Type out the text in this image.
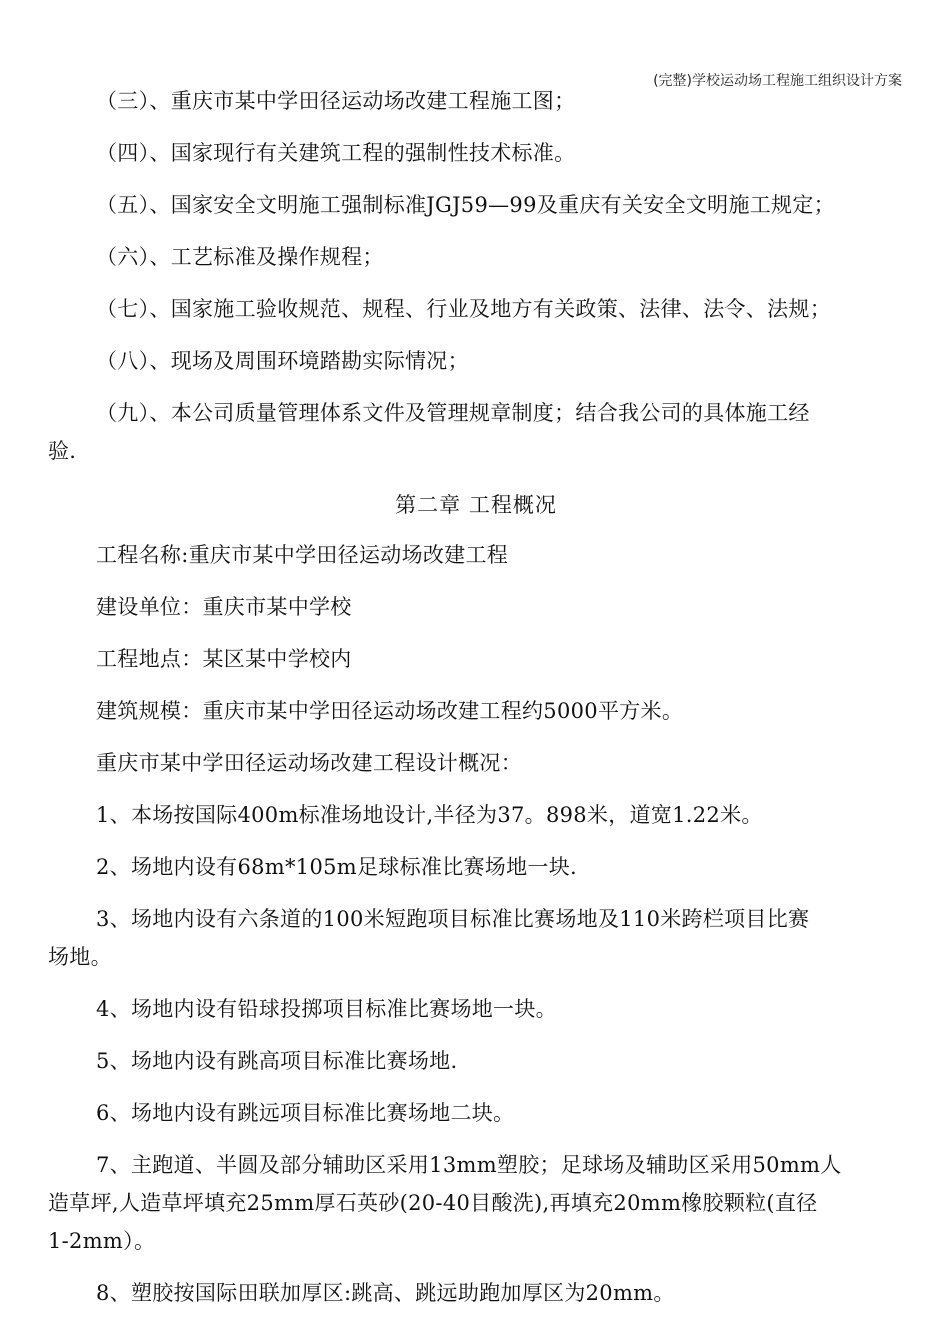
(完整)学校运动场工程施工组织设计方案
（三）、重庆市某中学田径运动场改建工程施工图；
（四）、国家现行有关建筑工程的强制性技术标准。
（五）、国家安全文明施工强制标准JGJ59—99及重庆有关安全文明施工规定；
（六）、工艺标准及操作规程；
（七）、国家施工验收规范、规程、行业及地方有关政策、法律、法令、法规；
（八）、现场及周围环境踏勘实际情况；
（九）、本公司质量管理体系文件及管理规章制度；结合我公司的具体施工经
验.
第二章 工程概况
工程名称:重庆市某中学田径运动场改建工程
建设单位：重庆市某中学校
工程地点：某区某中学校内
建筑规模：重庆市某中学田径运动场改建工程约5000平方米。
重庆市某中学田径运动场改建工程设计概况：
1、本场按国际400m标准场地设计,半径为37。898米，道宽1.22米。
2、场地内设有68m*105m足球标准比赛场地一块.
3、场地内设有六条道的100米短跑项目标准比赛场地及110米跨栏项目比赛
场地。
4、场地内设有铅球投掷项目标准比赛场地一块。
5、场地内设有跳高项目标准比赛场地.
6、场地内设有跳远项目标准比赛场地二块。
7、主跑道、半圆及部分辅助区采用13mm塑胶；足球场及辅助区采用50mm人
造草坪,人造草坪填充25mm厚石英砂(20-40目酸洗),再填充20mm橡胶颗粒(直径
1-2mm）。
8、塑胶按国际田联加厚区:跳高、跳远助跑加厚区为20mm。
